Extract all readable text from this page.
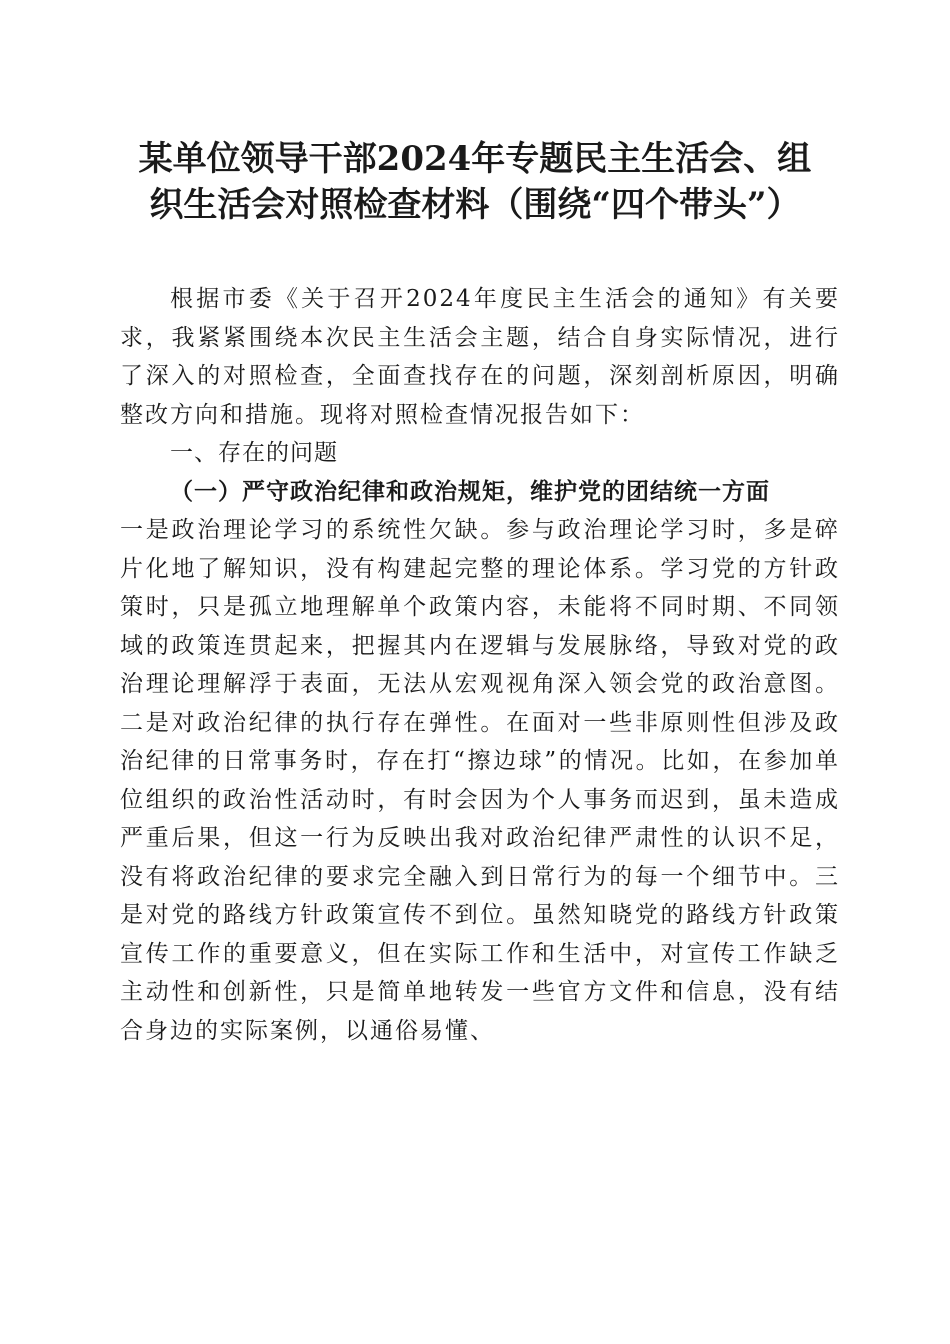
某单位领导干部2024年专题民主生活会、组
织生活会对照检查材料（围绕“四个带头”）

根据市委《关于召开2024年度民主生活会的通知》有关要求，我紧紧围绕本次民主生活会主题，结合自身实际情况，进行了深入的对照检查，全面查找存在的问题，深刻剖析原因，明确整改方向和措施。现将对照检查情况报告如下：

一、存在的问题

（一）严守政治纪律和政治规矩，维护党的团结统一方面

一是政治理论学习的系统性欠缺。参与政治理论学习时，多是碎片化地了解知识，没有构建起完整的理论体系。学习党的方针政策时，只是孤立地理解单个政策内容，未能将不同时期、不同领域的政策连贯起来，把握其内在逻辑与发展脉络，导致对党的政治理论理解浮于表面，无法从宏观视角深入领会党的政治意图。二是对政治纪律的执行存在弹性。在面对一些非原则性但涉及政治纪律的日常事务时，存在打“擦边球”的情况。比如，在参加单位组织的政治性活动时，有时会因为个人事务而迟到，虽未造成严重后果，但这一行为反映出我对政治纪律严肃性的认识不足，没有将政治纪律的要求完全融入到日常行为的每一个细节中。三是对党的路线方针政策宣传不到位。虽然知晓党的路线方针政策宣传工作的重要意义，但在实际工作和生活中，对宣传工作缺乏主动性和创新性，只是简单地转发一些官方文件和信息，没有结合身边的实际案例，以通俗易懂、
